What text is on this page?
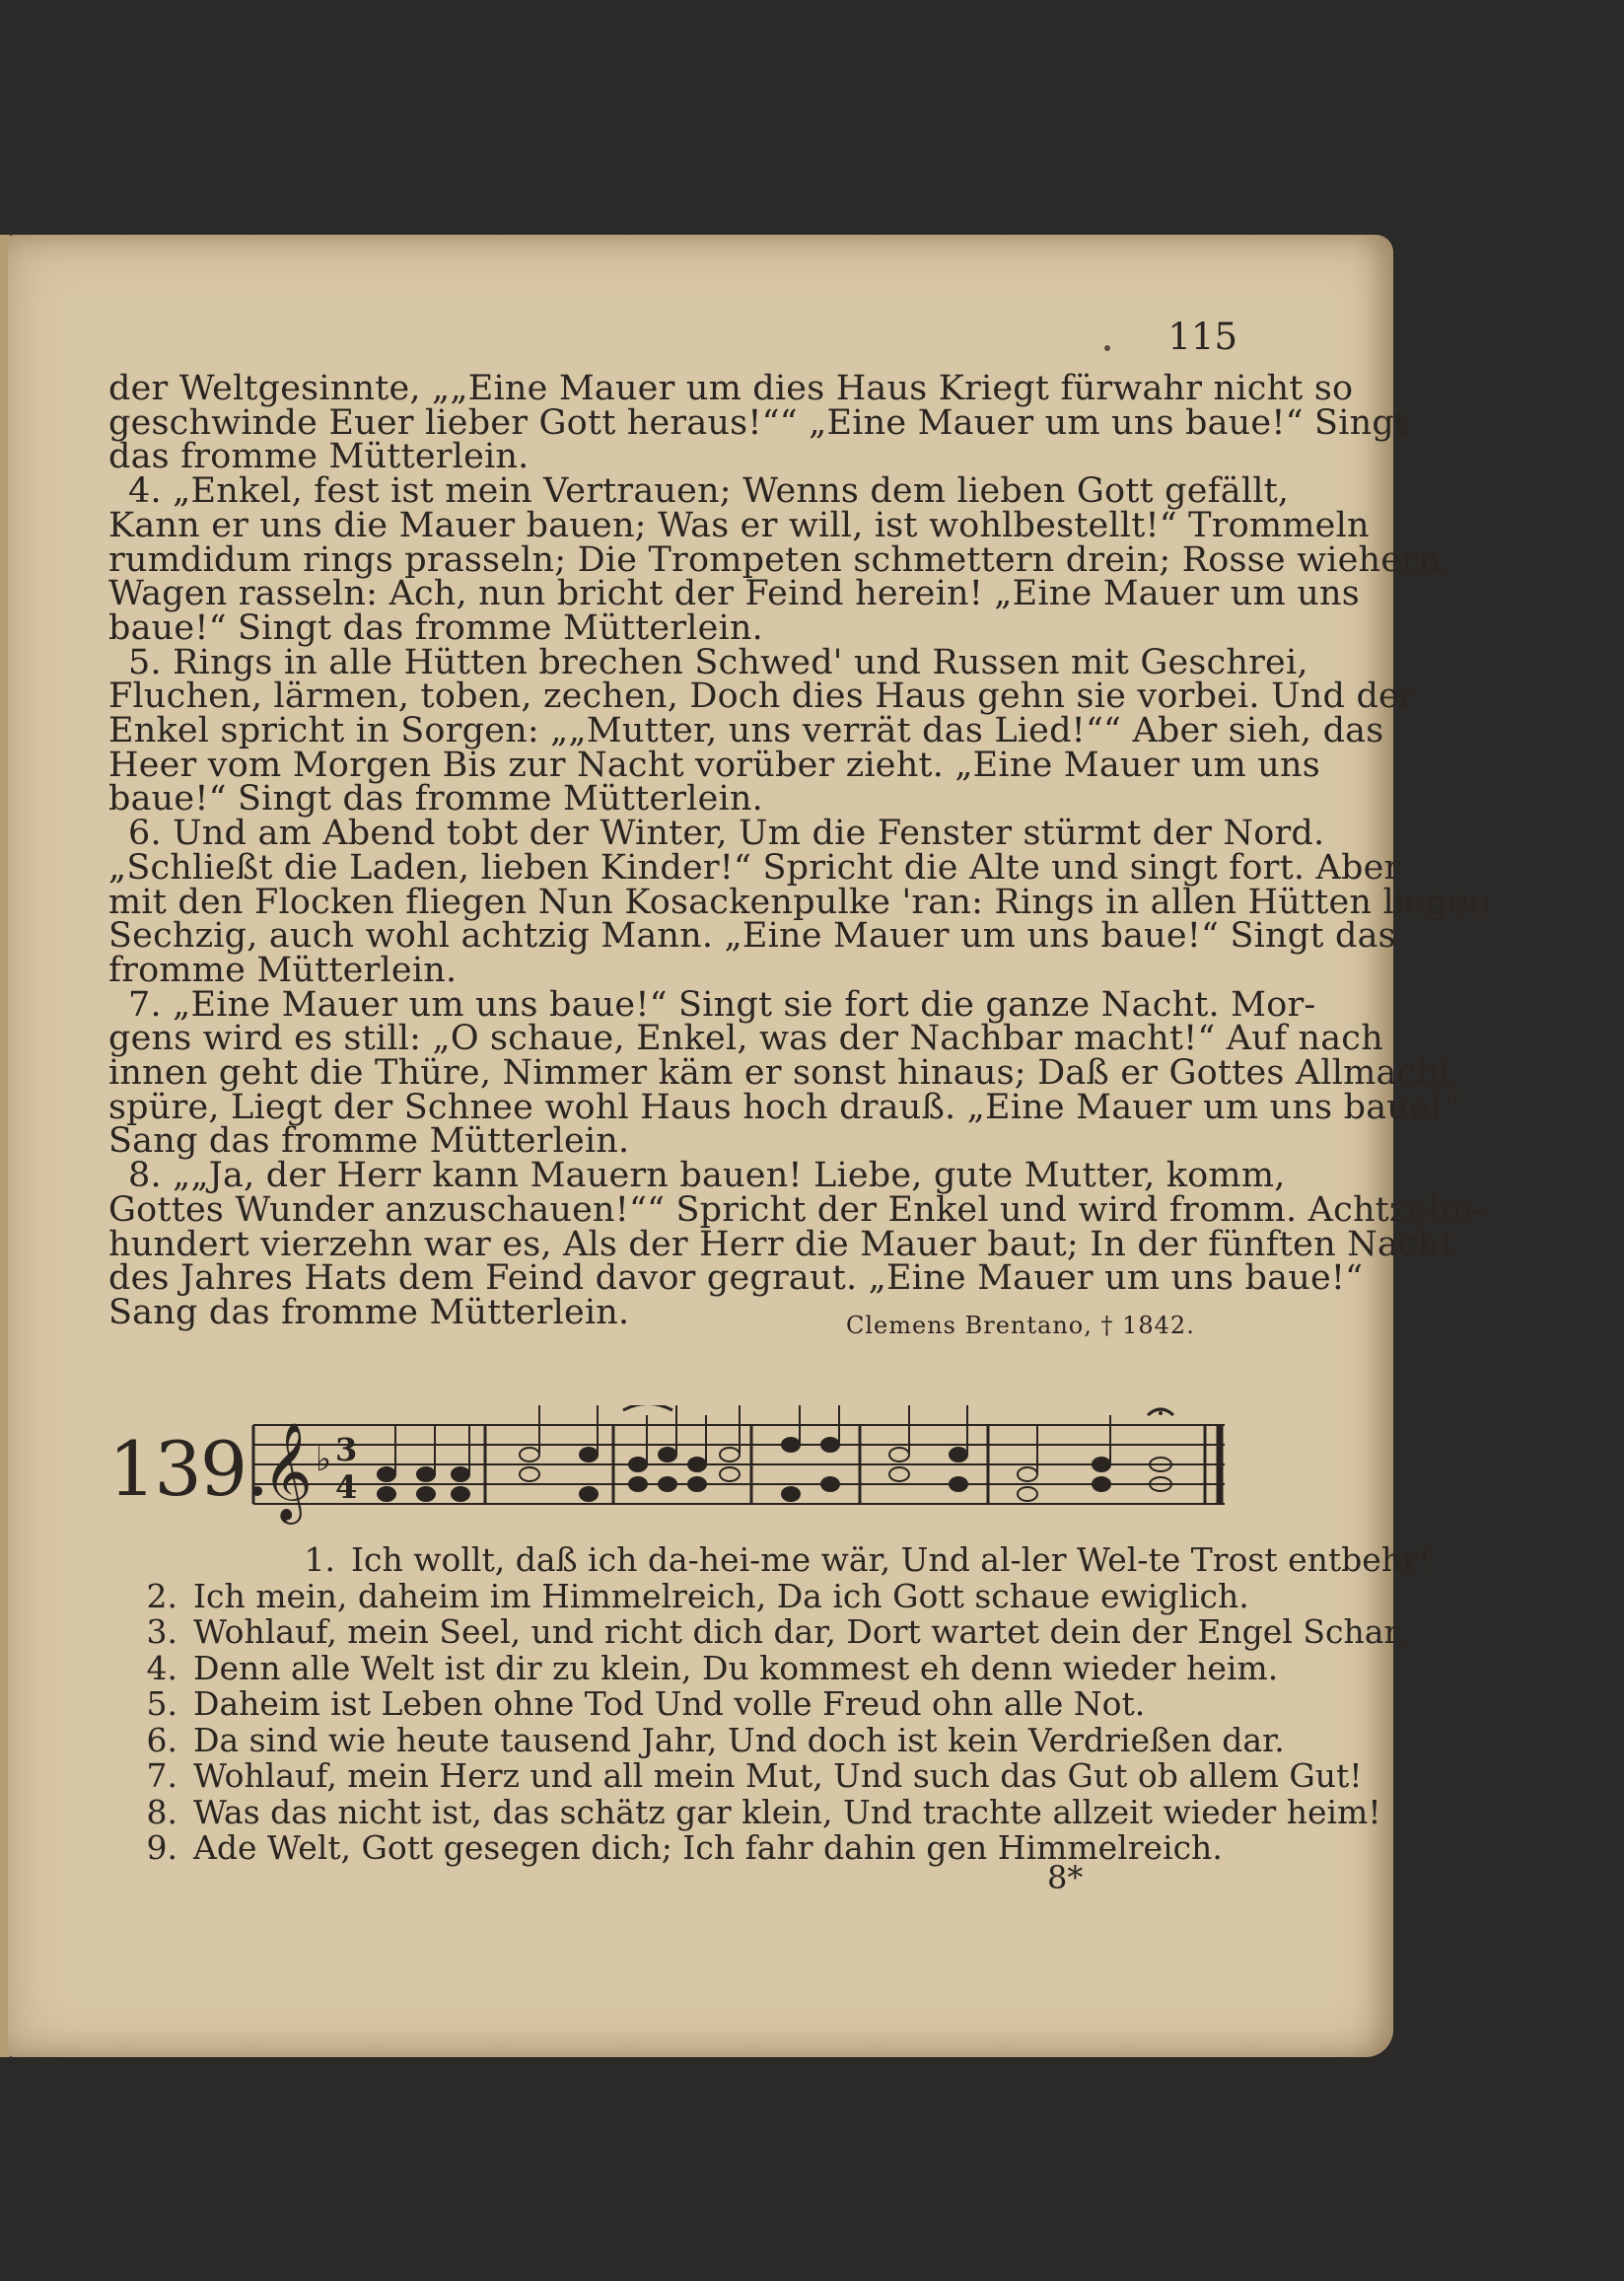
115
der Weltgesinnte, „„Eine Mauer um dies Haus Kriegt fürwahr nicht so
geschwinde Euer lieber Gott heraus!““ „Eine Mauer um uns baue!“ Singt
das fromme Mütterlein.
4. „Enkel, fest ist mein Vertrauen; Wenns dem lieben Gott gefällt,
Kann er uns die Mauer bauen; Was er will, ist wohlbestellt!“ Trommeln
rumdidum rings prasseln; Die Trompeten schmettern drein; Rosse wiehern,
Wagen rasseln: Ach, nun bricht der Feind herein! „Eine Mauer um uns
baue!“ Singt das fromme Mütterlein.
5. Rings in alle Hütten brechen Schwed' und Russen mit Geschrei,
Fluchen, lärmen, toben, zechen, Doch dies Haus gehn sie vorbei. Und der
Enkel spricht in Sorgen: „„Mutter, uns verrät das Lied!““ Aber sieh, das
Heer vom Morgen Bis zur Nacht vorüber zieht. „Eine Mauer um uns
baue!“ Singt das fromme Mütterlein.
6. Und am Abend tobt der Winter, Um die Fenster stürmt der Nord.
„Schließt die Laden, lieben Kinder!“ Spricht die Alte und singt fort. Aber
mit den Flocken fliegen Nun Kosackenpulke 'ran: Rings in allen Hütten liegen
Sechzig, auch wohl achtzig Mann. „Eine Mauer um uns baue!“ Singt das
fromme Mütterlein.
7. „Eine Mauer um uns baue!“ Singt sie fort die ganze Nacht. Mor-
gens wird es still: „O schaue, Enkel, was der Nachbar macht!“ Auf nach
innen geht die Thüre, Nimmer käm er sonst hinaus; Daß er Gottes Allmacht
spüre, Liegt der Schnee wohl Haus hoch drauß. „Eine Mauer um uns baue!“
Sang das fromme Mütterlein.
8. „„Ja, der Herr kann Mauern bauen! Liebe, gute Mutter, komm,
Gottes Wunder anzuschauen!““ Spricht der Enkel und wird fromm. Achtzehn-
hundert vierzehn war es, Als der Herr die Mauer baut; In der fünften Nacht
des Jahres Hats dem Feind davor gegraut. „Eine Mauer um uns baue!“
Sang das fromme Mütterlein.	Clemens Brentano, † 1842.
139.
𝄞 ♭ 3
4
1. Ich wollt, daß ich da-hei-me wär, Und al-ler Wel-te Trost entbehr!
2. Ich mein, daheim im Himmelreich, Da ich Gott schaue ewiglich.
3. Wohlauf, mein Seel, und richt dich dar, Dort wartet dein der Engel Schar.
4. Denn alle Welt ist dir zu klein, Du kommest eh denn wieder heim.
5. Daheim ist Leben ohne Tod Und volle Freud ohn alle Not.
6. Da sind wie heute tausend Jahr, Und doch ist kein Verdrießen dar.
7. Wohlauf, mein Herz und all mein Mut, Und such das Gut ob allem Gut!
8. Was das nicht ist, das schätz gar klein, Und trachte allzeit wieder heim!
9. Ade Welt, Gott gesegen dich; Ich fahr dahin gen Himmelreich.
8*
